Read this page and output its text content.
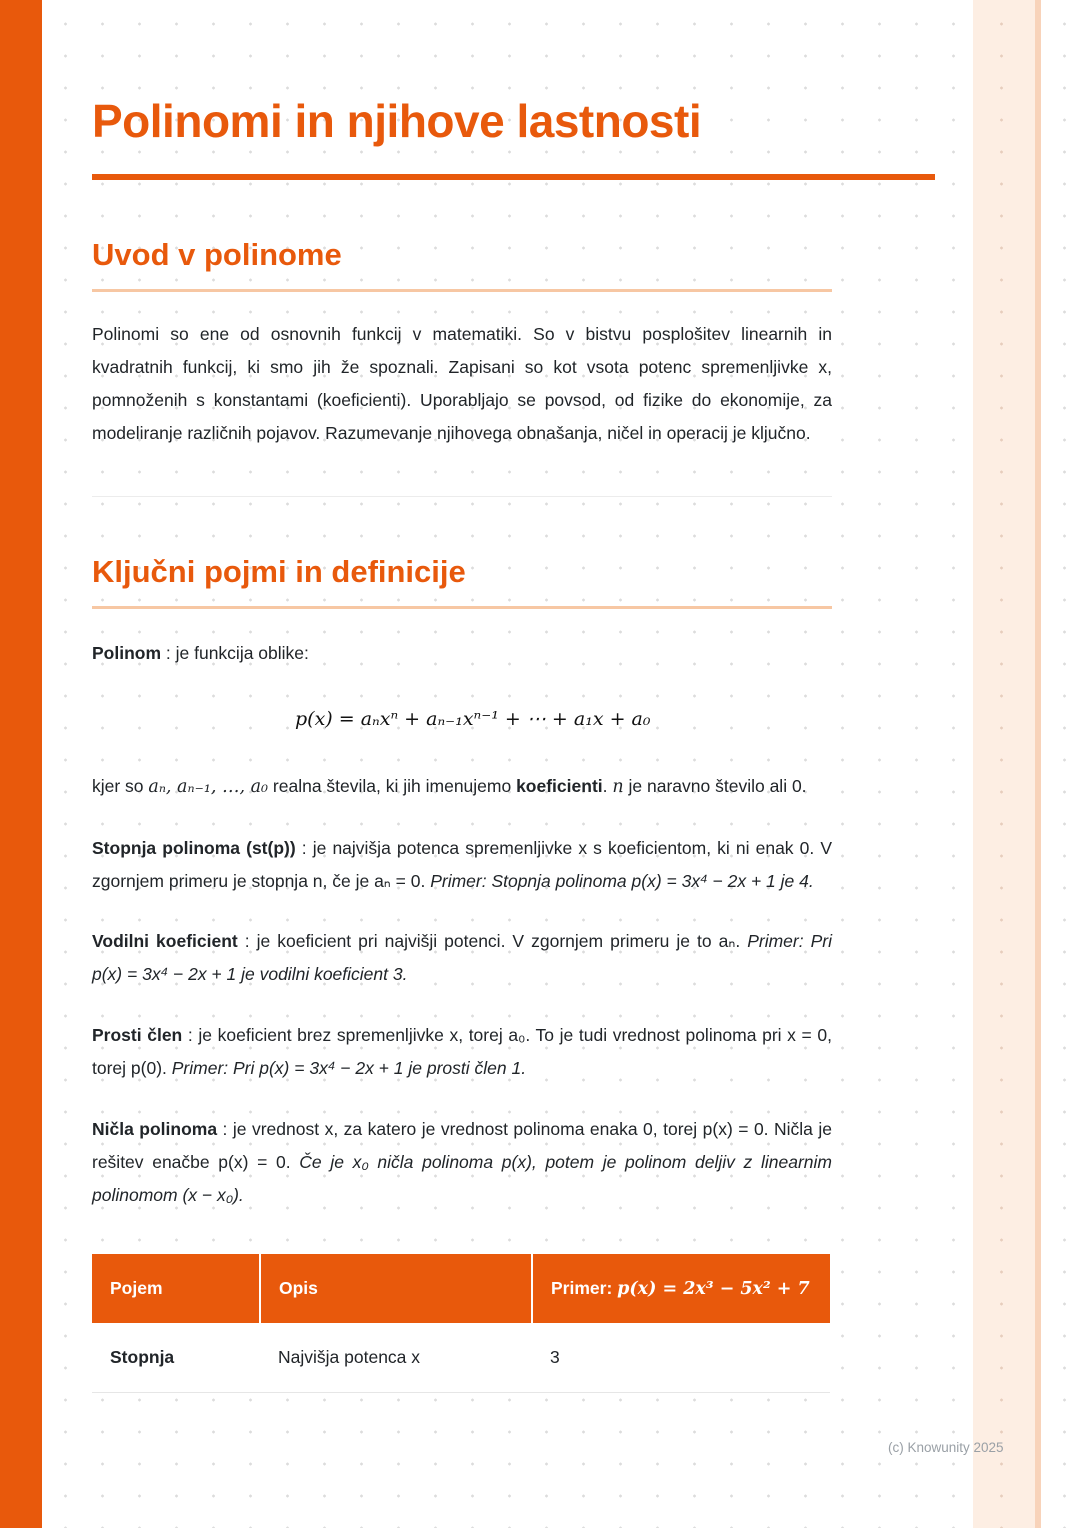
Polinomi in njihove lastnosti
Uvod v polinome

Polinomi so ene od osnovnih funkcij v matematiki. So v bistvu posplošitev linearnih in kvadratnih funkcij, ki smo jih že spoznali. Zapisani so kot vsota potenc spremenljivke x, pomnoženih s konstantami (koeficienti). Uporabljajo se povsod, od fizike do ekonomije, za modeliranje različnih pojavov. Razumevanje njihovega obnašanja, ničel in operacij je ključno.

Ključni pojmi in definicije

Polinom : je funkcija oblike:

p(x) = aₙxⁿ + aₙ₋₁xⁿ⁻¹ + ⋯ + a₁x + a₀

kjer so aₙ, aₙ₋₁, …, a₀ realna števila, ki jih imenujemo koeficienti. n je naravno število ali 0.

Stopnja polinoma (st(p)) : je najvišja potenca spremenljivke x s koeficientom, ki ni enak 0. V zgornjem primeru je stopnja n, če je aₙ = 0. Primer: Stopnja polinoma p(x) = 3x⁴ − 2x + 1 je 4.

Vodilni koeficient : je koeficient pri najvišji potenci. V zgornjem primeru je to aₙ. Primer: Pri p(x) = 3x⁴ − 2x + 1 je vodilni koeficient 3.

Prosti člen : je koeficient brez spremenljivke x, torej a₀. To je tudi vrednost polinoma pri x = 0, torej p(0). Primer: Pri p(x) = 3x⁴ − 2x + 1 je prosti člen 1.

Ničla polinoma : je vrednost x, za katero je vrednost polinoma enaka 0, torej p(x) = 0. Ničla je rešitev enačbe p(x) = 0. Če je x₀ ničla polinoma p(x), potem je polinom deljiv z linearnim polinomom (x − x₀).

Pojem	Opis	Primer: p(x) = 2x³ − 5x² + 7
Stopnja	Najvišja potenca x	3
(c) Knowunity 2025
